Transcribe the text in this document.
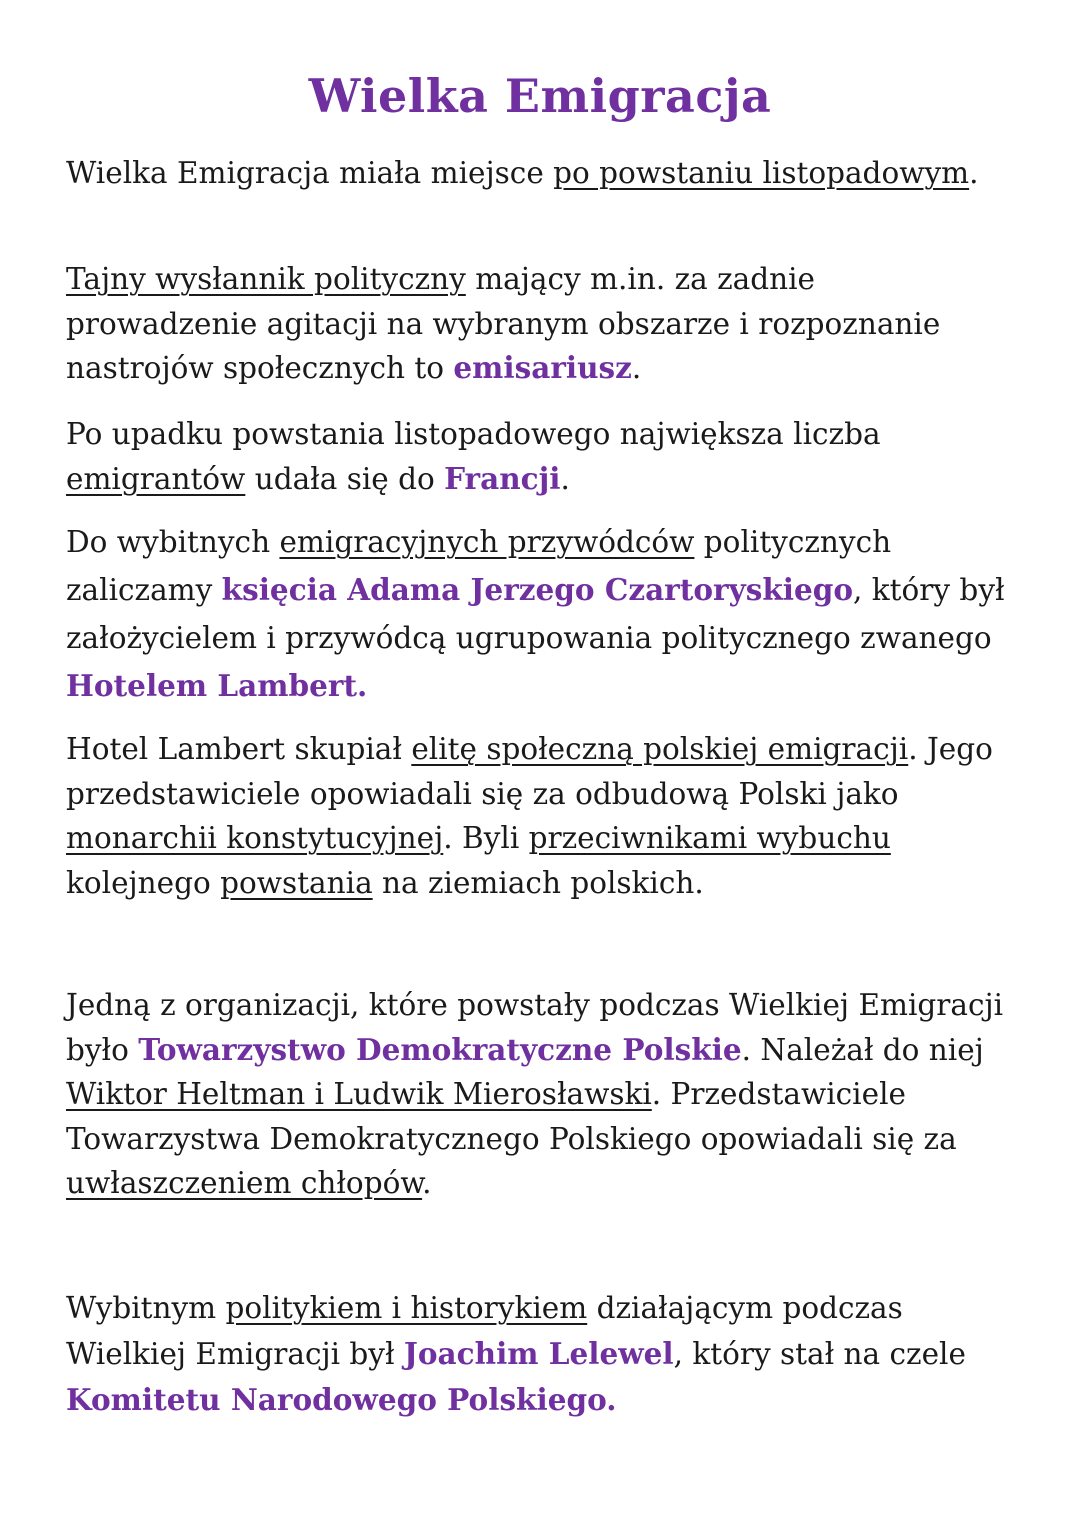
Wielka Emigracja

Wielka Emigracja miała miejsce po powstaniu listopadowym.

Tajny wysłannik polityczny mający m.in. za zadnie prowadzenie agitacji na wybranym obszarze i rozpoznanie nastrojów społecznych to emisariusz.

Po upadku powstania listopadowego największa liczba emigrantów udała się do Francji.

Do wybitnych emigracyjnych przywódców politycznych zaliczamy księcia Adama Jerzego Czartoryskiego, który był założycielem i przywódcą ugrupowania politycznego zwanego Hotelem Lambert.

Hotel Lambert skupiał elitę społeczną polskiej emigracji. Jego przedstawiciele opowiadali się za odbudową Polski jako monarchii konstytucyjnej. Byli przeciwnikami wybuchu kolejnego powstania na ziemiach polskich.

Jedną z organizacji, które powstały podczas Wielkiej Emigracji było Towarzystwo Demokratyczne Polskie. Należał do niej Wiktor Heltman i Ludwik Mierosławski. Przedstawiciele Towarzystwa Demokratycznego Polskiego opowiadali się za uwłaszczeniem chłopów.

Wybitnym politykiem i historykiem działającym podczas Wielkiej Emigracji był Joachim Lelewel, który stał na czele Komitetu Narodowego Polskiego.
